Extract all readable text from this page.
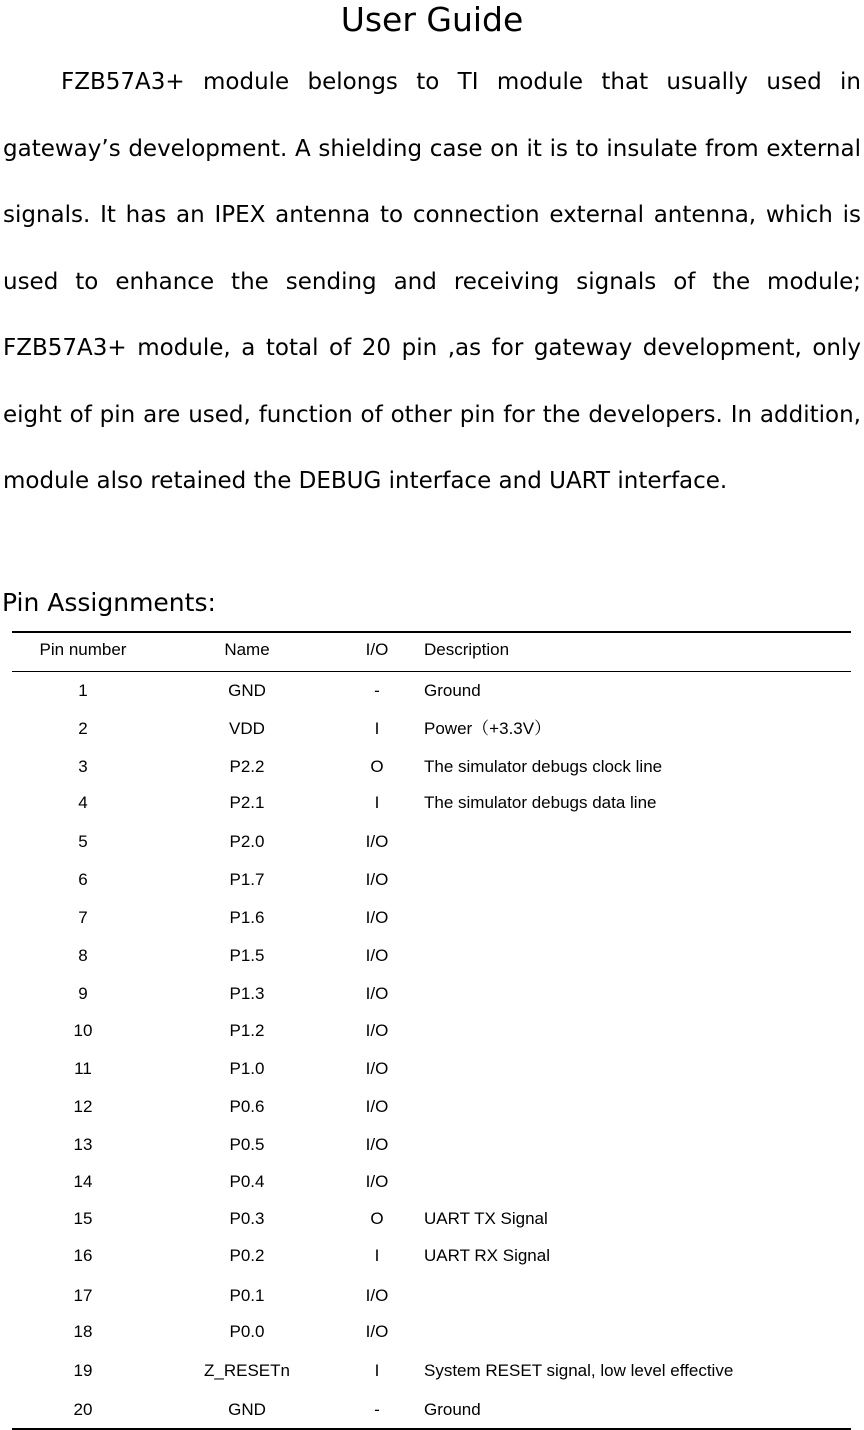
User Guide

FZB57A3+ module belongs to TI module that usually used in gateway’s development. A shielding case on it is to insulate from external signals. It has an IPEX antenna to connection external antenna, which is used to enhance the sending and receiving signals of the module; FZB57A3+ module, a total of 20 pin ,as for gateway development, only eight of pin are used, function of other pin for the developers. In addition, module also retained the DEBUG interface and UART interface.

Pin Assignments:
Pin number	Name	I/O	Description
1	GND	-	Ground
2	VDD	I	Power（+3.3V）
3	P2.2	O	The simulator debugs clock line
4	P2.1	I	The simulator debugs data line
5	P2.0	I/O
6	P1.7	I/O
7	P1.6	I/O
8	P1.5	I/O
9	P1.3	I/O
10	P1.2	I/O
11	P1.0	I/O
12	P0.6	I/O
13	P0.5	I/O
14	P0.4	I/O
15	P0.3	O	UART TX Signal
16	P0.2	I	UART RX Signal
17	P0.1	I/O
18	P0.0	I/O
19	Z_RESETn	I	System RESET signal, low level effective
20	GND	-	Ground
